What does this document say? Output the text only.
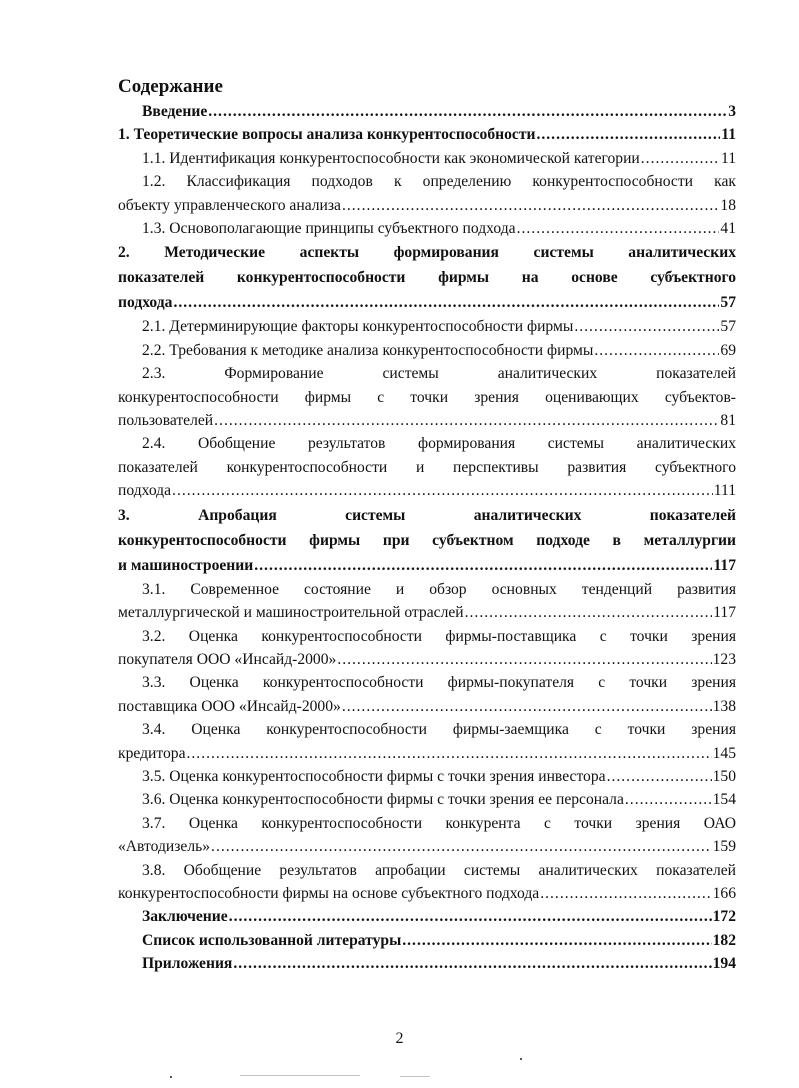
Содержание
Введение .....	3
1. Теоретические вопросы анализа конкурентоспособности .....	11
1.1. Идентификация конкурентоспособности как экономической категории .....	11
1.2. Классификация подходов к определению конкурентоспособности как
объекту управленческого анализа .....	18
1.3. Основополагающие принципы субъектного подхода .....	41
2. Методические аспекты формирования системы аналитических
показателей конкурентоспособности фирмы на основе субъектного
подхода .....	57
2.1. Детерминирующие факторы конкурентоспособности фирмы .....	57
2.2. Требования к методике анализа конкурентоспособности фирмы .....	69
2.3. Формирование системы аналитических показателей
конкурентоспособности фирмы с точки зрения оценивающих субъектов-
пользователей .....	81
2.4. Обобщение результатов формирования системы аналитических
показателей конкурентоспособности и перспективы развития субъектного
подхода .....	111
3. Апробация системы аналитических показателей
конкурентоспособности фирмы при субъектном подходе в металлургии
и машиностроении .....	117
3.1. Современное состояние и обзор основных тенденций развития
металлургической и машиностроительной отраслей .....	117
3.2. Оценка конкурентоспособности фирмы-поставщика с точки зрения
покупателя ООО «Инсайд-2000» .....	123
3.3. Оценка конкурентоспособности фирмы-покупателя с точки зрения
поставщика ООО «Инсайд-2000» .....	138
3.4. Оценка конкурентоспособности фирмы-заемщика с точки зрения
кредитора .....	145
3.5. Оценка конкурентоспособности фирмы с точки зрения инвестора .....	150
3.6. Оценка конкурентоспособности фирмы с точки зрения ее персонала .....	154
3.7. Оценка конкурентоспособности конкурента с точки зрения ОАО
«Автодизель» .....	159
3.8. Обобщение результатов апробации системы аналитических показателей
конкурентоспособности фирмы на основе субъектного подхода .....	166
Заключение .....	172
Список использованной литературы .....	182
Приложения .....	194
2
